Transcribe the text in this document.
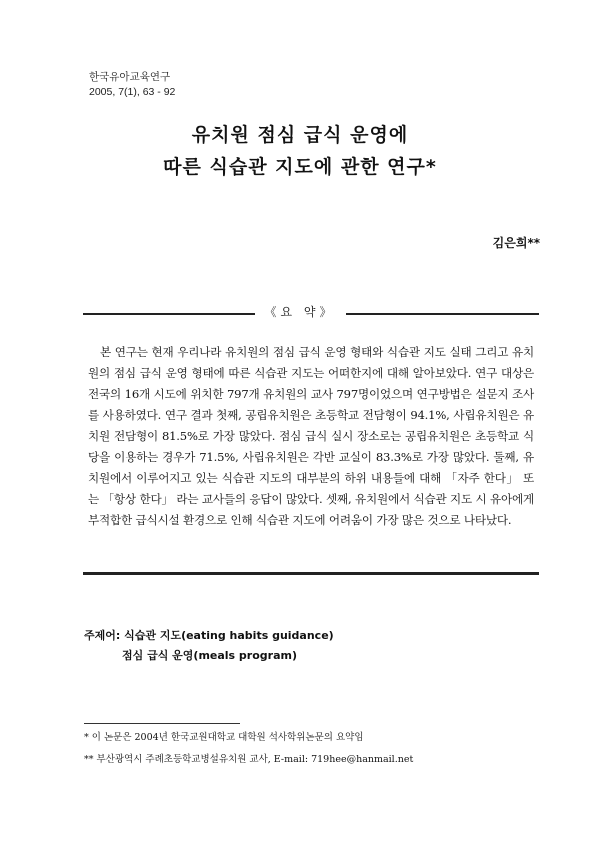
한국유아교육연구
2005, 7(1), 63 - 92
유치원 점심 급식 운영에
따른 식습관 지도에 관한 연구*
김은희**
《요 약》

본 연구는 현재 우리나라 유치원의 점심 급식 운영 형태와 식습관 지도 실태 그리고 유치원의 점심 급식 운영 형태에 따른 식습관 지도는 어떠한지에 대해 알아보았다. 연구 대상은 전국의 16개 시도에 위치한 797개 유치원의 교사 797명이었으며 연구방법은 설문지 조사를 사용하였다. 연구 결과 첫째, 공립유치원은 초등학교 전담형이 94.1%, 사립유치원은 유치원 전담형이 81.5%로 가장 많았다. 점심 급식 실시 장소로는 공립유치원은 초등학교 식당을 이용하는 경우가 71.5%, 사립유치원은 각반 교실이 83.3%로 가장 많았다. 둘째, 유치원에서 이루어지고 있는 식습관 지도의 대부분의 하위 내용들에 대해 「자주 한다」 또는 「항상 한다」 라는 교사들의 응답이 많았다. 셋째, 유치원에서 식습관 지도 시 유아에게 부적합한 급식시설 환경으로 인해 식습관 지도에 어려움이 가장 많은 것으로 나타났다.

주제어: 식습관 지도(eating habits guidance)
점심 급식 운영(meals program)
* 이 논문은 2004년 한국교원대학교 대학원 석사학위논문의 요약임
** 부산광역시 주례초등학교병설유치원 교사, E-mail: 719hee@hanmail.net
